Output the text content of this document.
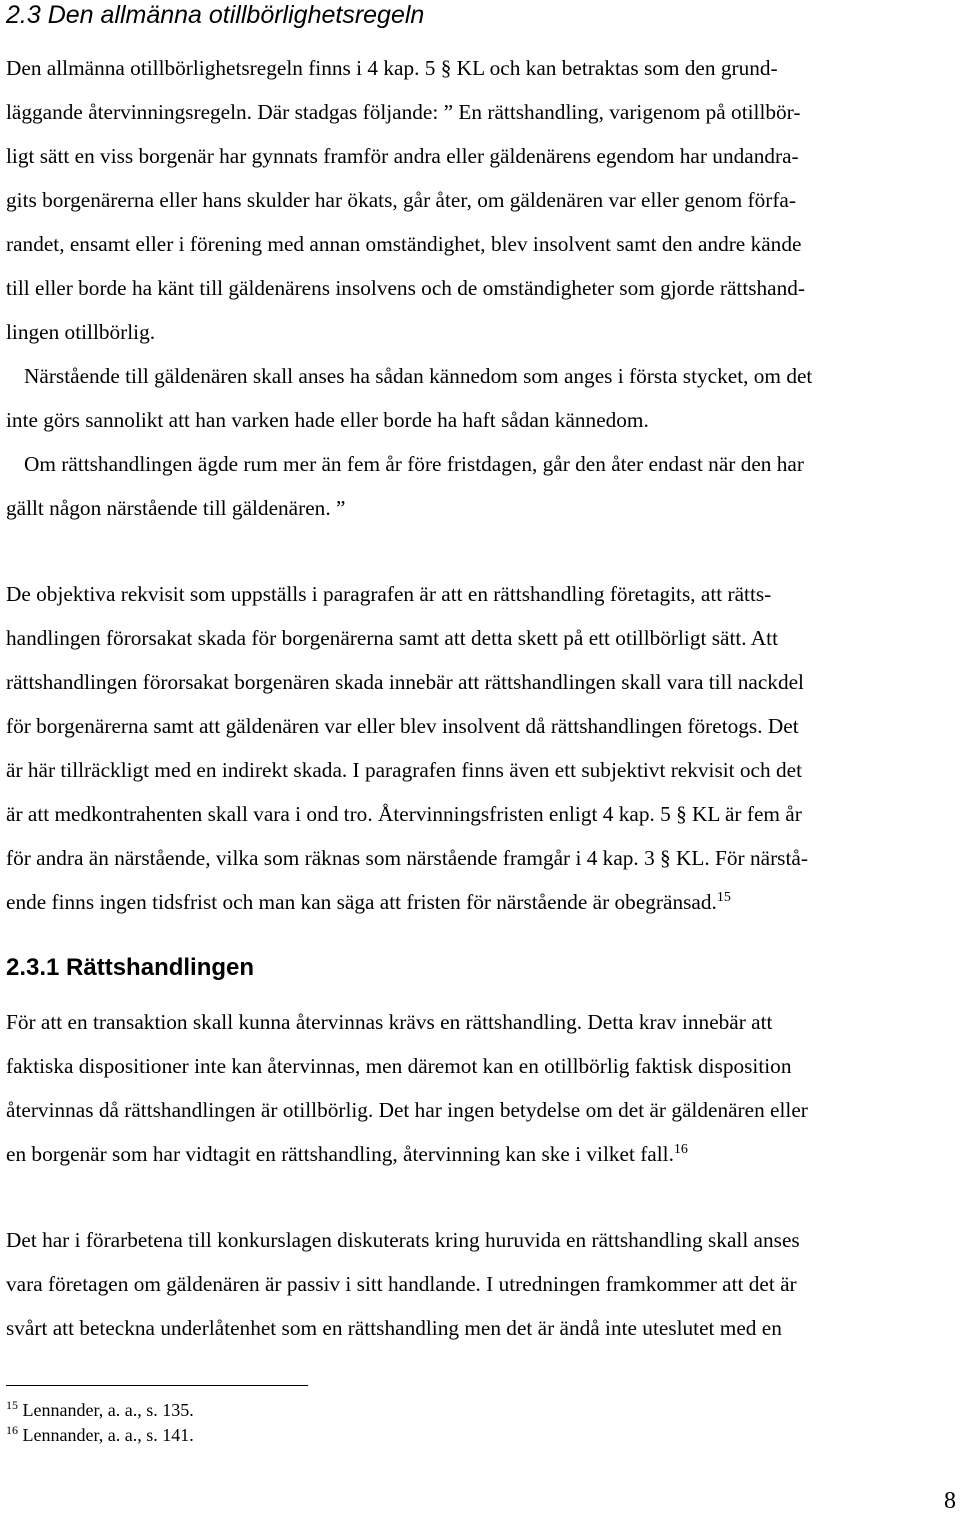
2.3 Den allmänna otillbörlighetsregeln
Den allmänna otillbörlighetsregeln finns i 4 kap. 5 § KL och kan betraktas som den grund-
läggande återvinningsregeln. Där stadgas följande: ” En rättshandling, varigenom på otillbör-
ligt sätt en viss borgenär har gynnats framför andra eller gäldenärens egendom har undandra-
gits borgenärerna eller hans skulder har ökats, går åter, om gäldenären var eller genom förfa-
randet, ensamt eller i förening med annan omständighet, blev insolvent samt den andre kände
till eller borde ha känt till gäldenärens insolvens och de omständigheter som gjorde rättshand-
lingen otillbörlig.
Närstående till gäldenären skall anses ha sådan kännedom som anges i första stycket, om det
inte görs sannolikt att han varken hade eller borde ha haft sådan kännedom.
Om rättshandlingen ägde rum mer än fem år före fristdagen, går den åter endast när den har
gällt någon närstående till gäldenären. ”
De objektiva rekvisit som uppställs i paragrafen är att en rättshandling företagits, att rätts-
handlingen förorsakat skada för borgenärerna samt att detta skett på ett otillbörligt sätt. Att
rättshandlingen förorsakat borgenären skada innebär att rättshandlingen skall vara till nackdel
för borgenärerna samt att gäldenären var eller blev insolvent då rättshandlingen företogs. Det
är här tillräckligt med en indirekt skada. I paragrafen finns även ett subjektivt rekvisit och det
är att medkontrahenten skall vara i ond tro. Återvinningsfristen enligt 4 kap. 5 § KL är fem år
för andra än närstående, vilka som räknas som närstående framgår i 4 kap. 3 § KL. För närstå-
ende finns ingen tidsfrist och man kan säga att fristen för närstående är obegränsad.$^{15}$
2.3.1 Rättshandlingen
För att en transaktion skall kunna återvinnas krävs en rättshandling. Detta krav innebär att
faktiska dispositioner inte kan återvinnas, men däremot kan en otillbörlig faktisk disposition
återvinnas då rättshandlingen är otillbörlig. Det har ingen betydelse om det är gäldenären eller
en borgenär som har vidtagit en rättshandling, återvinning kan ske i vilket fall.$^{16}$
Det har i förarbetena till konkurslagen diskuterats kring huruvida en rättshandling skall anses
vara företagen om gäldenären är passiv i sitt handlande. I utredningen framkommer att det är
svårt att beteckna underlåtenhet som en rättshandling men det är ändå inte uteslutet med en
$^{15}$ Lennander, a. a., s. 135.
$^{16}$ Lennander, a. a., s. 141.
8
